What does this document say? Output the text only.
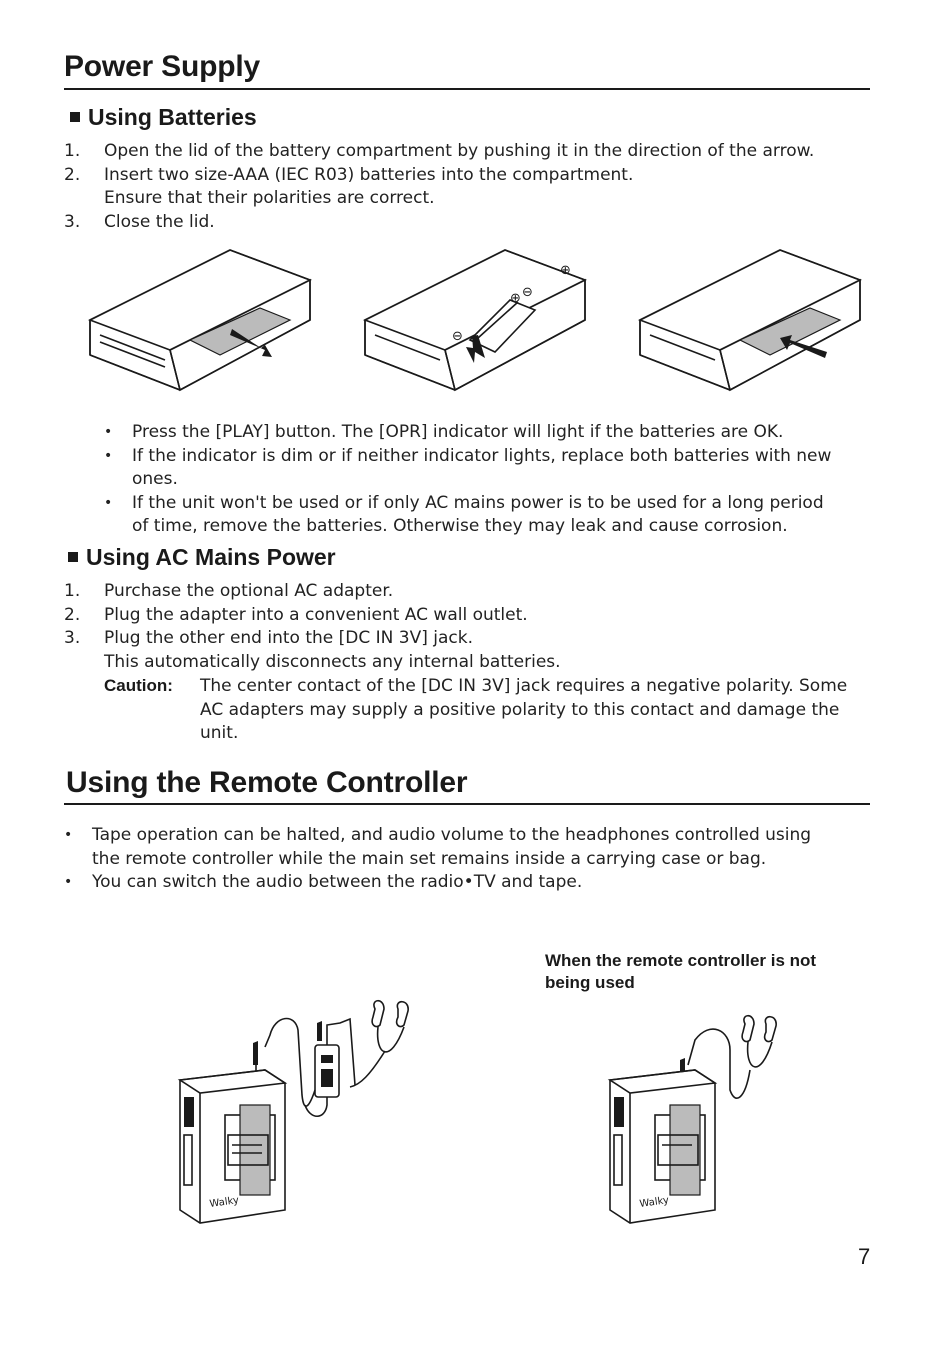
Power Supply
Using Batteries
1.	Open the lid of the battery compartment by pushing it in the direction of the arrow.
2.	Insert two size-AAA (IEC R03) batteries into the compartment.
Ensure that their polarities are correct.
3.	Close the lid.
⊕
⊕ ⊖
⊖
• Press the [PLAY] button. The [OPR] indicator will light if the batteries are OK.
• If the indicator is dim or if neither indicator lights, replace both batteries with new
ones.
• If the unit won't be used or if only AC mains power is to be used for a long period
of time, remove the batteries. Otherwise they may leak and cause corrosion.
Using AC Mains Power
1.	Purchase the optional AC adapter.
2.	Plug the adapter into a convenient AC wall outlet.
3.	Plug the other end into the [DC IN 3V] jack.
This automatically disconnects any internal batteries.
Caution: The center contact of the [DC IN 3V] jack requires a negative polarity. Some
AC adapters may supply a positive polarity to this contact and damage the
unit.
Using the Remote Controller
• Tape operation can be halted, and audio volume to the headphones controlled using
the remote controller while the main set remains inside a carrying case or bag.
• You can switch the audio between the radio•TV and tape.
When the remote controller is not
being used
Walky	Walky
7
